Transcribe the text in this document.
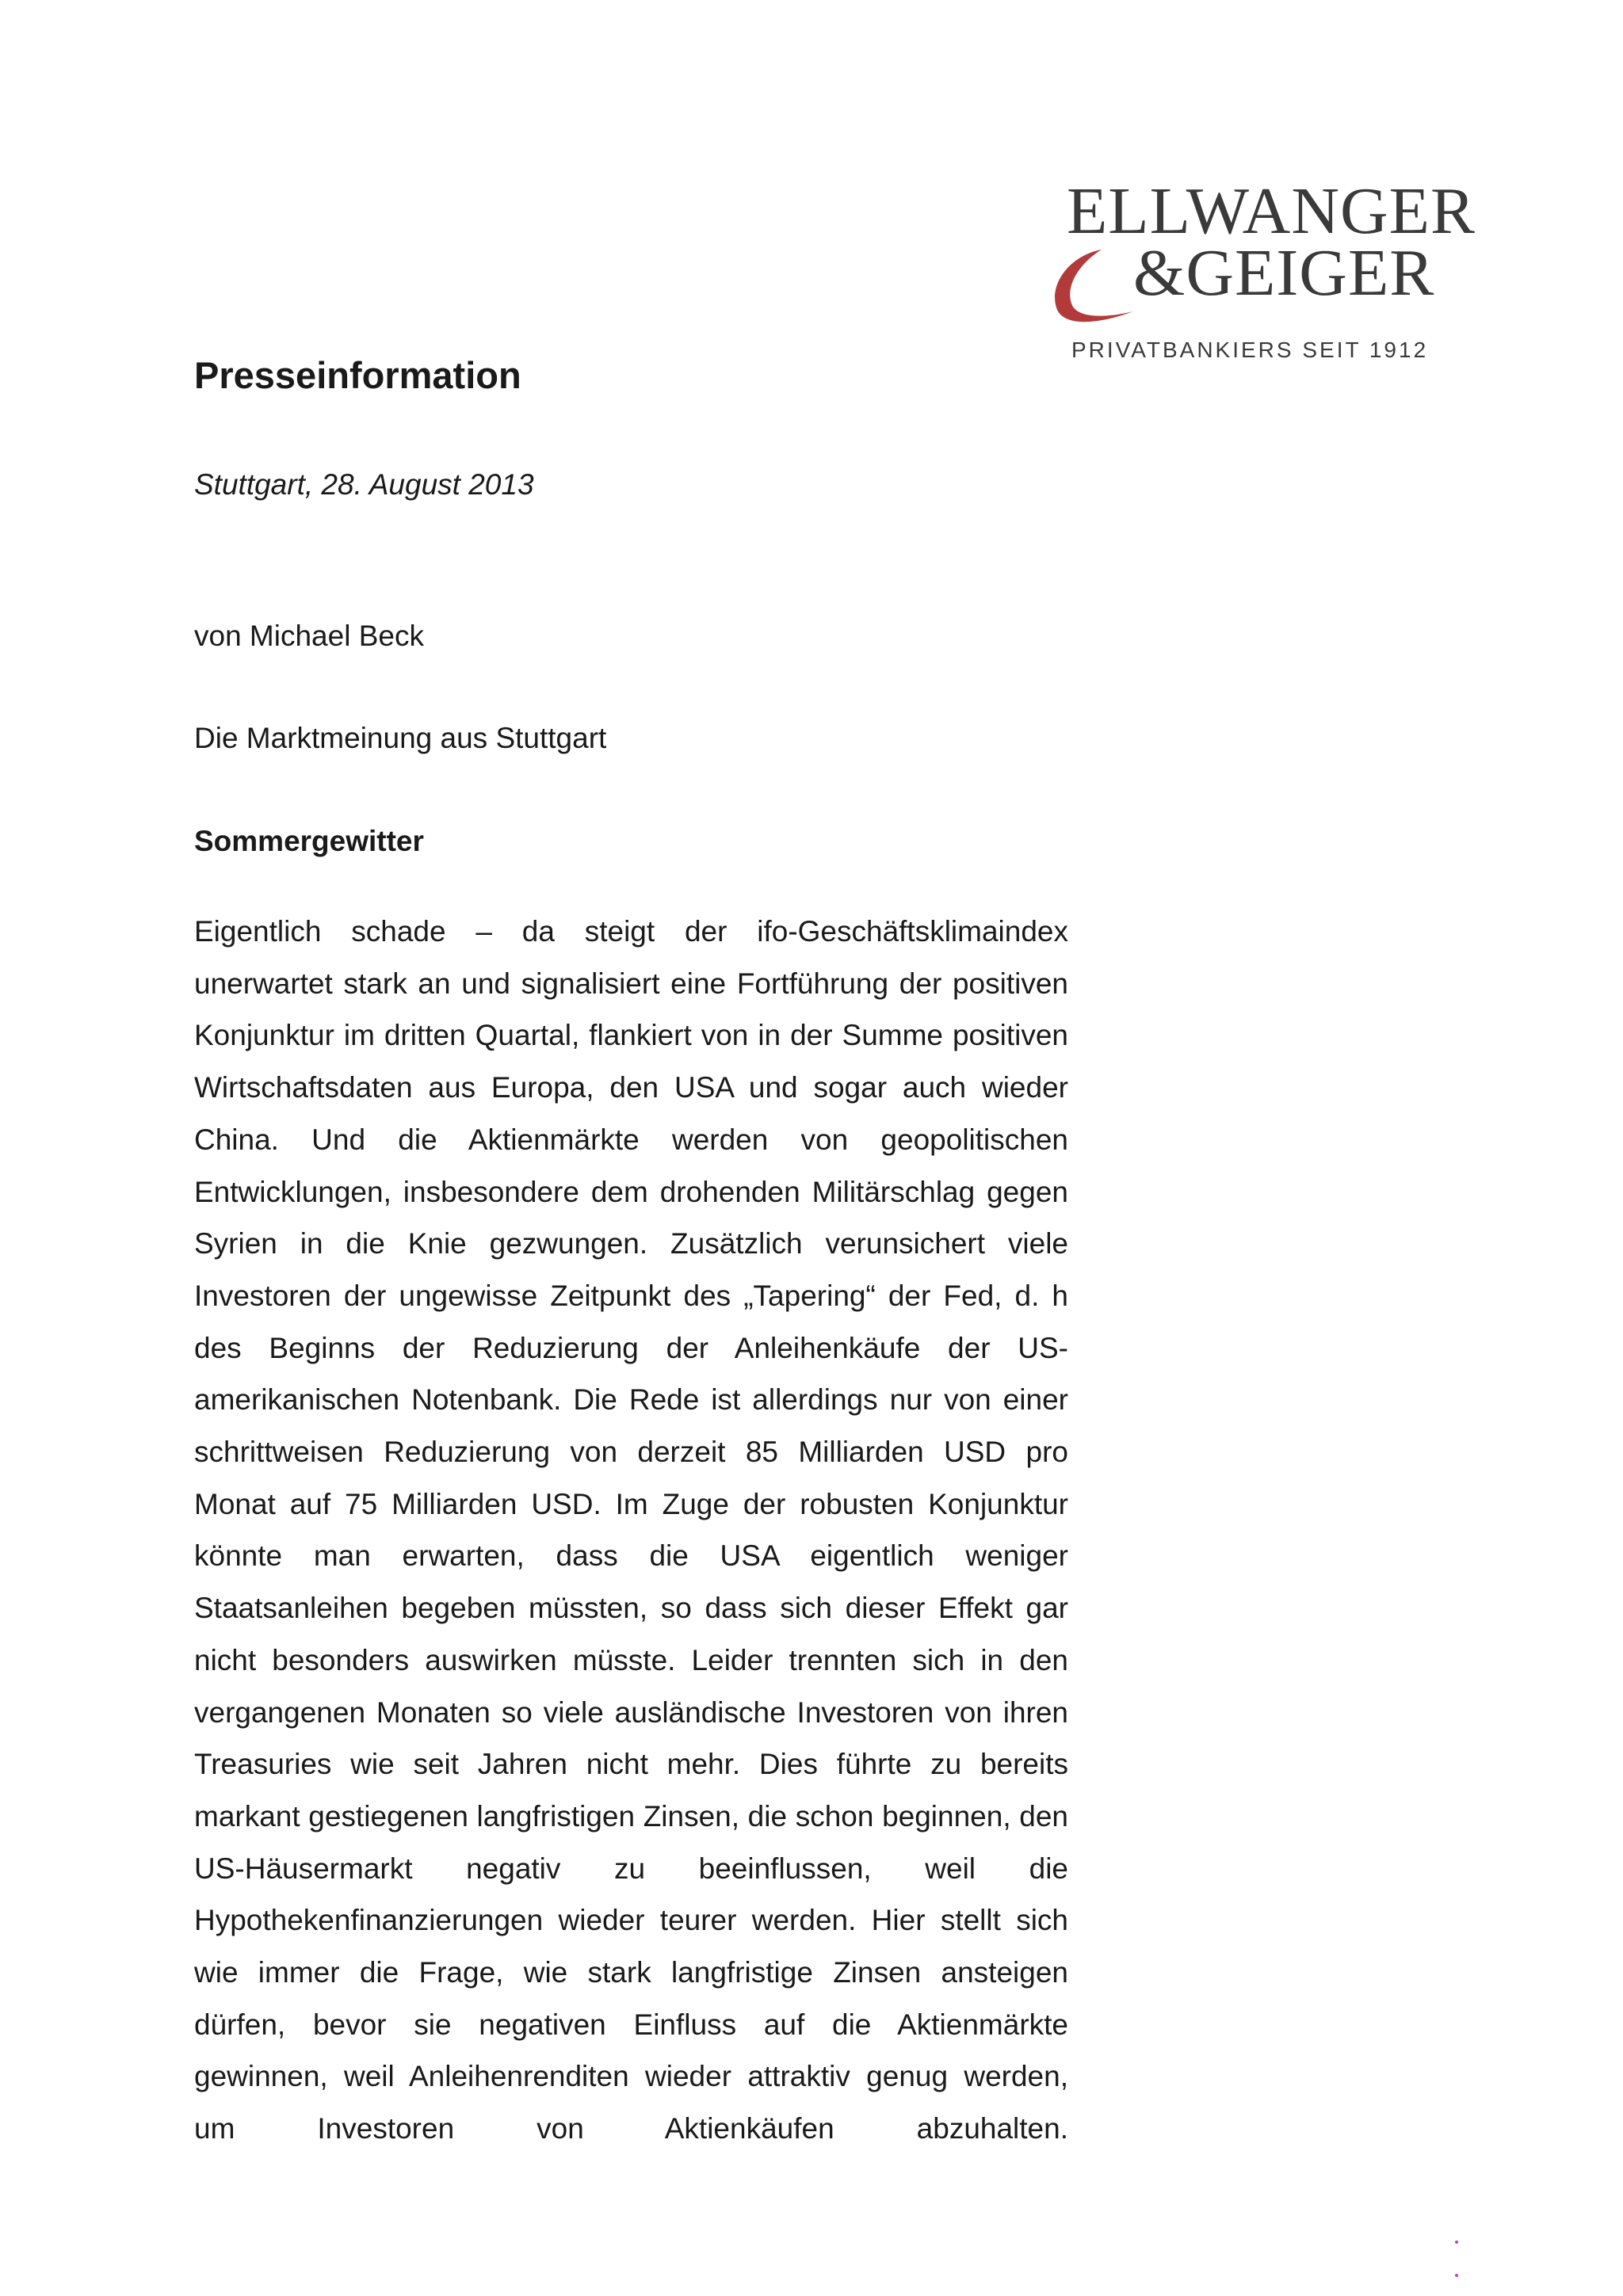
ELLWANGER
&GEIGER
PRIVATBANKIERS SEIT 1912
Presseinformation
Stuttgart, 28. August 2013
von Michael Beck
Die Marktmeinung aus Stuttgart
Sommergewitter

Eigentlich schade – da steigt der ifo-Geschäftsklimaindex unerwartet stark an und signalisiert eine Fortführung der positiven Konjunktur im dritten Quartal, flankiert von in der Summe positiven Wirtschaftsdaten aus Europa, den USA und sogar auch wieder China. Und die Aktienmärkte werden von geopolitischen Entwicklungen, insbesondere dem drohenden Militärschlag gegen Syrien in die Knie gezwungen. Zusätzlich verunsichert viele Investoren der ungewisse Zeitpunkt des „Tapering“ der Fed, d. h des Beginns der Reduzierung der Anleihenkäufe der US-amerikanischen Notenbank. Die Rede ist allerdings nur von einer schrittweisen Reduzierung von derzeit 85 Milliarden USD pro Monat auf 75 Milliarden USD. Im Zuge der robusten Konjunktur könnte man erwarten, dass die USA eigentlich weniger Staatsanleihen begeben müssten, so dass sich dieser Effekt gar nicht besonders auswirken müsste. Leider trennten sich in den vergangenen Monaten so viele ausländische Investoren von ihren Treasuries wie seit Jahren nicht mehr. Dies führte zu bereits markant gestiegenen langfristigen Zinsen, die schon beginnen, den US-Häusermarkt negativ zu beeinflussen, weil die Hypothekenfinanzierungen wieder teurer werden. Hier stellt sich wie immer die Frage, wie stark langfristige Zinsen ansteigen dürfen, bevor sie negativen Einfluss auf die Aktienmärkte gewinnen, weil Anleihenrenditen wieder attraktiv genug werden, um Investoren von Aktienkäufen abzuhalten.
